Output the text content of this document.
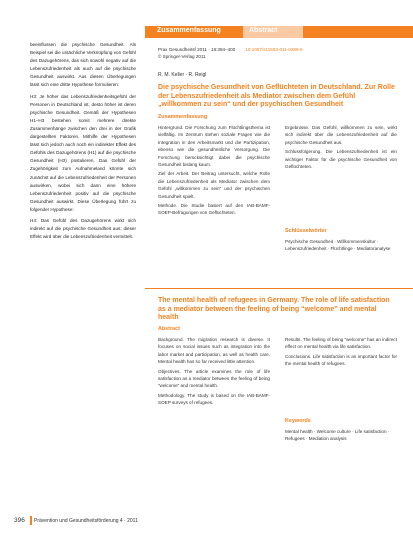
beeinflussen die psychische Gesundheit. Als Beispiel sei die ursächliche Verknüpfung von Gefühl des Dazugehörens, das sich sowohl negativ auf die Lebenszufriedenheit als auch auf die psychische Gesundheit auswirkt. Aus diesen Überlegungen lässt sich eine dritte Hypothese formulieren:

H3: Je höher das Lebenszufriedenheitsgefühl der Personen in Deutschland ist, desto höher ist deren psychische Gesundheit. Gemäß der Hypothesen H1–H3 bestehen somit mehrere direkte Zusammenhänge zwischen den drei in der Grafik dargestellten Faktoren. Mithilfe der Hypothesen lässt sich jedoch auch noch ein indirekter Effekt des Gefühls des Dazugehörens (H1) auf die psychische Gesundheit (H3) postulieren. Das Gefühl der Zugehörigkeit zum Aufnahmeland könnte sich zunächst auf die Lebenszufriedenheit der Personen auswirken, wobei sich dann eine höhere Lebenszufriedenheit positiv auf die psychische Gesundheit auswirkt. Diese Überlegung führt zu folgender Hypothese:

H4: Das Gefühl des Dazugehörens wirkt sich indirekt auf die psychische Gesundheit aus; dieser Effekt wird über die Lebenszufriedenheit vermittelt.

Zusammenfassung	Abstract
Prax Gesundheitsf 2011 · 16:394–400 10.1007/s11553-011-0288-6
© Springer-Verlag 2011
R. M. Keller · R. Reigl
Die psychische Gesundheit von Geflüchteten in Deutschland. Zur Rolle der Lebenszufriedenheit als Mediator zwischen dem Gefühl „willkommen zu sein“ und der psychischen Gesundheit
Zusammenfassung

Hintergrund. Die Forschung zum Flüchtlingsthema ist vielfältig. Im Zentrum stehen soziale Fragen wie die Integration in den Arbeitsmarkt und die Partizipation, ebenso wie die gesundheitliche Versorgung. Die Forschung berücksichtigt dabei die psychische Gesundheit bislang kaum.

Ziel der Arbeit. Der Beitrag untersucht, welche Rolle die Lebenszufriedenheit als Mediator zwischen dem Gefühl „willkommen zu sein“ und der psychischen Gesundheit spielt.

Methode. Die Studie basiert auf den IAB-BAMF-SOEP-Befragungen von Geflüchteten.

Ergebnisse. Das Gefühl, willkommen zu sein, wirkt sich indirekt über die Lebenszufriedenheit auf die psychische Gesundheit aus.

Schlussfolgerung. Die Lebenszufriedenheit ist ein wichtiger Faktor für die psychische Gesundheit von Geflüchteten.

Schlüsselwörter
Psychische Gesundheit · Willkommenskultur · Lebenszufriedenheit · Flüchtlinge · Mediatoranalyse
The mental health of refugees in Germany. The role of life satisfaction as a mediator between the feeling of being “welcome” and mental health
Abstract

Background. The migration research is diverse. It focuses on social issues such as integration into the labor market and participation, as well as health care. Mental health has so far received little attention.

Objectives. The article examines the role of life satisfaction as a mediator between the feeling of being “welcome” and mental health.

Methodology. The study is based on the IAB-BAMF-SOEP surveys of refugees.

Results. The feeling of being “welcome” has an indirect effect on mental health via life satisfaction.

Conclusions. Life satisfaction is an important factor for the mental health of refugees.

Keywords
Mental health · Welcome culture · Life satisfaction · Refugees · Mediation analysis
396 Prävention und Gesundheitsförderung 4 · 2011
